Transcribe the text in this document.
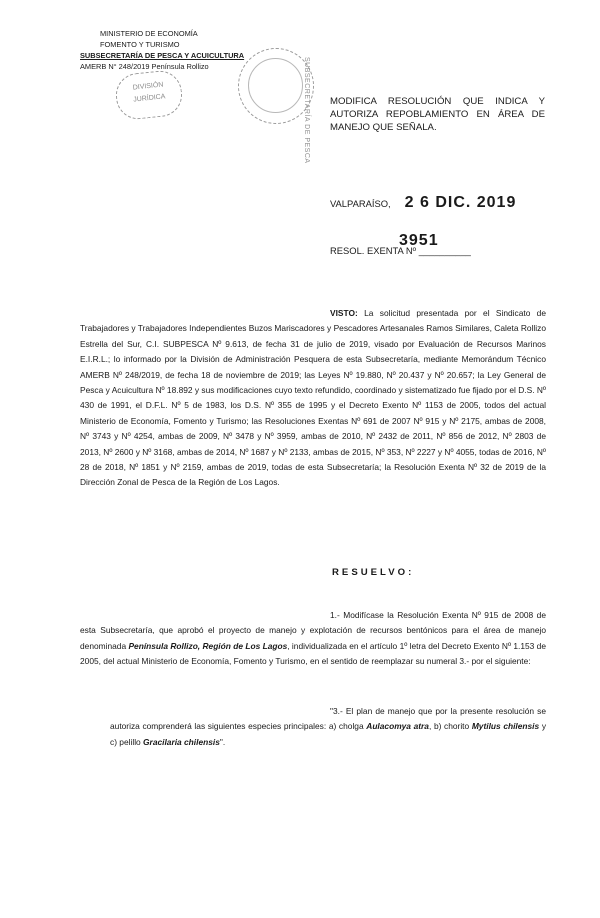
MINISTERIO DE ECONOMÍA
FOMENTO Y TURISMO
SUBSECRETARÍA DE PESCA Y ACUICULTURA
AMERB N° 248/2019 Península Rollizo
DIVISIÓN
JURÍDICA	SUBSECRETARÍA DE PESCA MODIFICA RESOLUCIÓN QUE INDICA Y AUTORIZA REPOBLAMIENTO EN ÁREA DE MANEJO QUE SEÑALA.
VALPARAÍSO, 2 6 DIC. 2019
RESOL. EXENTA Nº __________
3951
VISTO: La solicitud presentada por el Sindicato de Trabajadores y Trabajadores Independientes Buzos Mariscadores y Pescadores Artesanales Ramos Similares, Caleta Rollizo Estrella del Sur, C.I. SUBPESCA Nº 9.613, de fecha 31 de julio de 2019, visado por Evaluación de Recursos Marinos E.I.R.L.; lo informado por la División de Administración Pesquera de esta Subsecretaría, mediante Memorándum Técnico AMERB Nº 248/2019, de fecha 18 de noviembre de 2019; las Leyes Nº 19.880, Nº 20.437 y Nº 20.657; la Ley General de Pesca y Acuicultura Nº 18.892 y sus modificaciones cuyo texto refundido, coordinado y sistematizado fue fijado por el D.S. Nº 430 de 1991, el D.F.L. Nº 5 de 1983, los D.S. Nº 355 de 1995 y el Decreto Exento Nº 1153 de 2005, todos del actual Ministerio de Economía, Fomento y Turismo; las Resoluciones Exentas Nº 691 de 2007 Nº 915 y Nº 2175, ambas de 2008, Nº 3743 y Nº 4254, ambas de 2009, Nº 3478 y Nº 3959, ambas de 2010, Nº 2432 de 2011, Nº 856 de 2012, Nº 2803 de 2013, Nº 2600 y Nº 3168, ambas de 2014, Nº 1687 y Nº 2133, ambas de 2015, Nº 353, Nº 2227 y Nº 4055, todas de 2016, Nº 28 de 2018, Nº 1851 y Nº 2159, ambas de 2019, todas de esta Subsecretaría; la Resolución Exenta Nº 32 de 2019 de la Dirección Zonal de Pesca de la Región de Los Lagos.
RESUELVO:
1.- Modifícase la Resolución Exenta Nº 915 de 2008 de esta Subsecretaría, que aprobó el proyecto de manejo y explotación de recursos bentónicos para el área de manejo denominada Península Rollizo, Región de Los Lagos, individualizada en el artículo 1º letra del Decreto Exento Nº 1.153 de 2005, del actual Ministerio de Economía, Fomento y Turismo, en el sentido de reemplazar su numeral 3.- por el siguiente:
"3.- El plan de manejo que por la presente resolución se autoriza comprenderá las siguientes especies principales: a) cholga Aulacomya atra, b) chorito Mytilus chilensis y c) pelillo Gracilaria chilensis".
